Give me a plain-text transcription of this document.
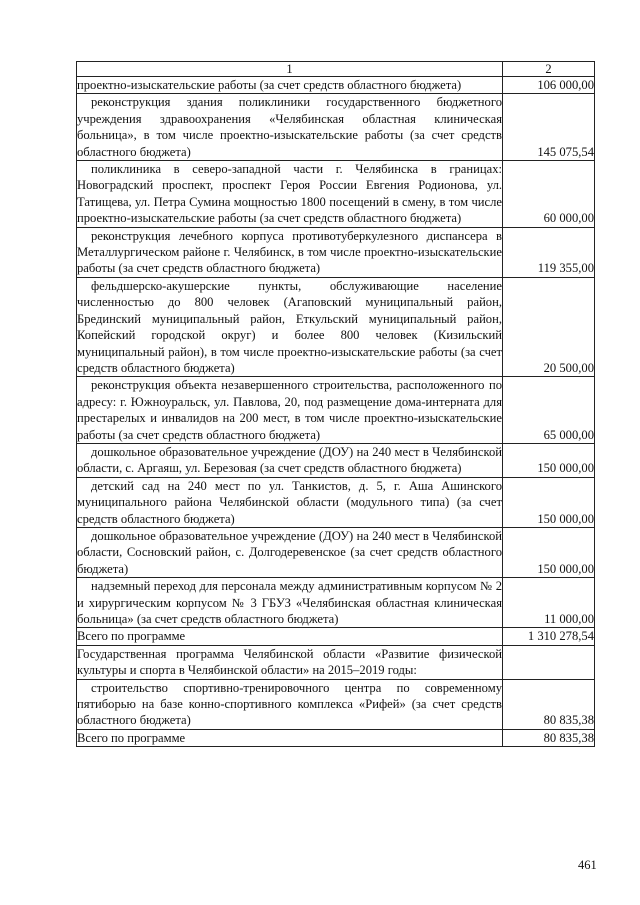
1	2
проектно-изыскательские работы (за счет средств областного бюджета)	106 000,00
реконструкция здания поликлиники государственного бюджетного учреждения здравоохранения «Челябинская областная клиническая больница», в том числе проектно-изыскательские работы (за счет средств областного бюджета)	145 075,54
поликлиника в северо-западной части г. Челябинска в границах: Новоградский проспект, проспект Героя России Евгения Родионова, ул. Татищева, ул. Петра Сумина мощностью 1800 посещений в смену, в том числе проектно-изыскательские работы (за счет средств областного бюджета)	60 000,00
реконструкция лечебного корпуса противотуберкулезного диспансера в Металлургическом районе г. Челябинск, в том числе проектно-изыскательские работы (за счет средств областного бюджета)	119 355,00
фельдшерско-акушерские пункты, обслуживающие население численностью до 800 человек (Агаповский муниципальный район, Брединский муниципальный район, Еткульский муниципальный район, Копейский городской округ) и более 800 человек (Кизильский муниципальный район), в том числе проектно-изыскательские работы (за счет средств областного бюджета)	20 500,00
реконструкция объекта незавершенного строительства, расположенного по адресу: г. Южноуральск, ул. Павлова, 20, под размещение дома-интерната для престарелых и инвалидов на 200 мест, в том числе проектно-изыскательские работы (за счет средств областного бюджета)	65 000,00
дошкольное образовательное учреждение (ДОУ) на 240 мест в Челябинской области, с. Аргаяш, ул. Березовая (за счет средств областного бюджета)	150 000,00
детский сад на 240 мест по ул. Танкистов, д. 5, г. Аша Ашинского муниципального района Челябинской области (модульного типа) (за счет средств областного бюджета)	150 000,00
дошкольное образовательное учреждение (ДОУ) на 240 мест в Челябинской области, Сосновский район, с. Долгодеревенское (за счет средств областного бюджета)	150 000,00
надземный переход для персонала между административным корпусом № 2 и хирургическим корпусом № 3 ГБУЗ «Челябинская областная клиническая больница» (за счет средств областного бюджета)	11 000,00
Всего по программе	1 310 278,54
Государственная программа Челябинской области «Развитие физической культуры и спорта в Челябинской области» на 2015–2019 годы:	
строительство спортивно-тренировочного центра по современному пятиборью на базе конно-спортивного комплекса «Рифей» (за счет средств областного бюджета)	80 835,38
Всего по программе	80 835,38
461
